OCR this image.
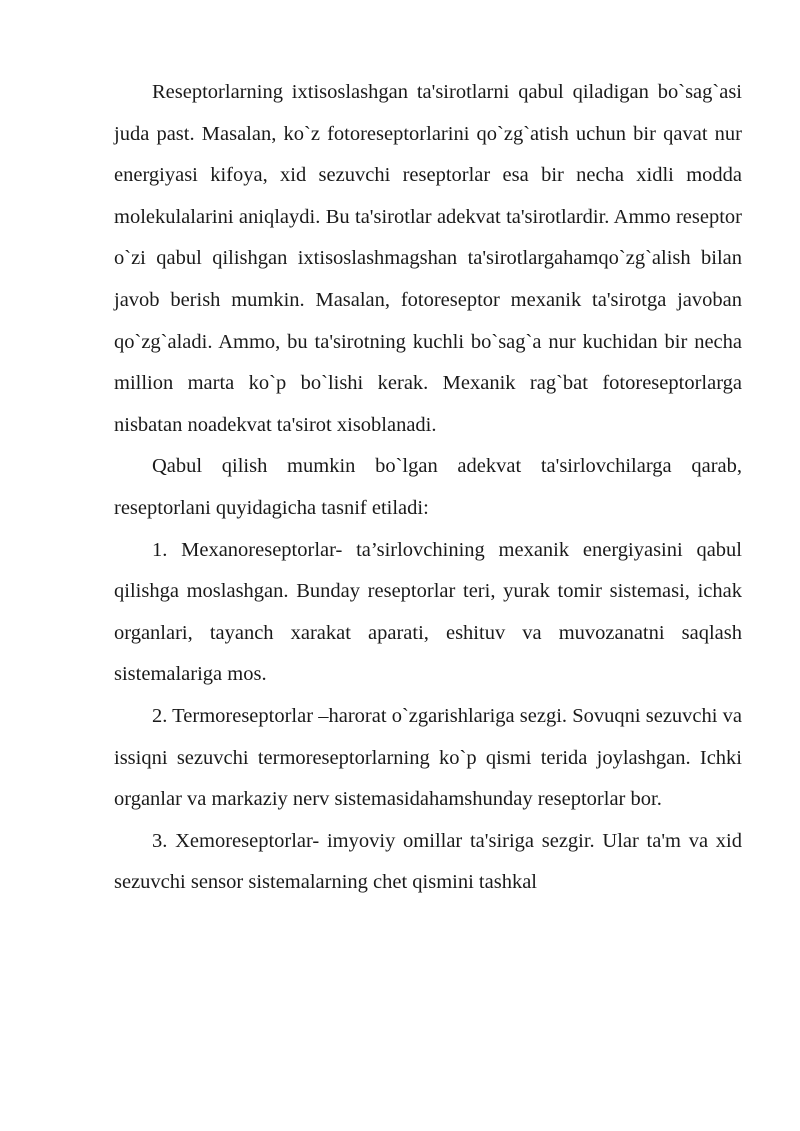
Reseptorlarning ixtisoslashgan ta'sirotlarni qabul qiladigan bo`sag`asi juda past. Masalan, ko`z fotoreseptorlarini qo`zg`atish uchun bir qavat nur energiyasi kifoya, xid sezuvchi reseptorlar esa bir necha xidli modda molekulalarini aniqlaydi. Bu ta'sirotlar adekvat ta'sirotlardir. Ammo reseptor o`zi qabul qilishgan ixtisoslashmagshan ta'sirotlargahamqo`zg`alish bilan javob berish mumkin. Masalan, fotoreseptor mexanik ta'sirotga javoban qo`zg`aladi. Ammo, bu ta'sirotning kuchli bo`sag`a nur kuchidan bir necha million marta ko`p bo`lishi kerak. Mexanik rag`bat fotoreseptorlarga nisbatan noadekvat ta'sirot xisoblanadi.

Qabul qilish mumkin bo`lgan adekvat ta'sirlovchilarga qarab, reseptorlani quyidagicha tasnif etiladi:

1. Mexanoreseptorlar- ta’sirlovchining mexanik energiyasini qabul qilishga moslashgan. Bunday reseptorlar teri, yurak tomir sistemasi, ichak organlari, tayanch xarakat aparati, eshituv va muvozanatni saqlash sistemalariga mos.

2. Termoreseptorlar –harorat o`zgarishlariga sezgi. Sovuqni sezuvchi va issiqni sezuvchi termoreseptorlarning ko`p qismi terida joylashgan. Ichki organlar va markaziy nerv sistemasidahamshunday reseptorlar bor.

3. Xemoreseptorlar- imyoviy omillar ta'siriga sezgir. Ular ta'm va xid sezuvchi sensor sistemalarning chet qismini tashkal
